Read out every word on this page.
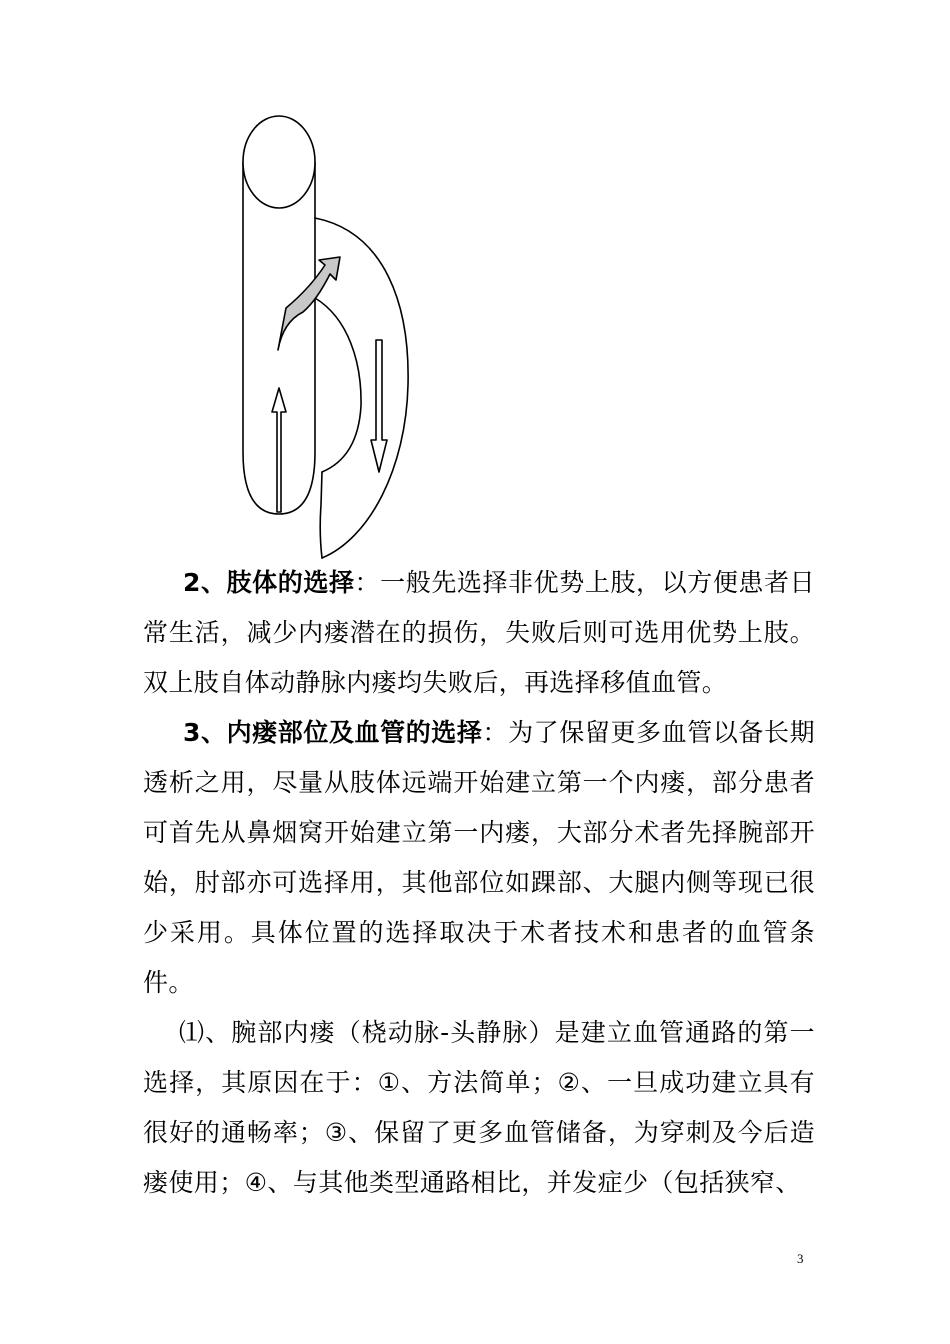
2、肢体的选择：一般先选择非优势上肢，以方便患者日常生活，减少内瘘潜在的损伤，失败后则可选用优势上肢。双上肢自体动静脉内瘘均失败后，再选择移值血管。

3、内瘘部位及血管的选择：为了保留更多血管以备长期透析之用，尽量从肢体远端开始建立第一个内瘘，部分患者可首先从鼻烟窝开始建立第一内瘘，大部分术者先择腕部开始，肘部亦可选择用，其他部位如踝部、大腿内侧等现已很少采用。具体位置的选择取决于术者技术和患者的血管条件。

⑴、腕部内瘘（桡动脉-头静脉）是建立血管通路的第一选择，其原因在于：①、方法简单；②、一旦成功建立具有很好的通畅率；③、保留了更多血管储备，为穿刺及今后造瘘使用；④、与其他类型通路相比，并发症少（包括狭窄、

3
